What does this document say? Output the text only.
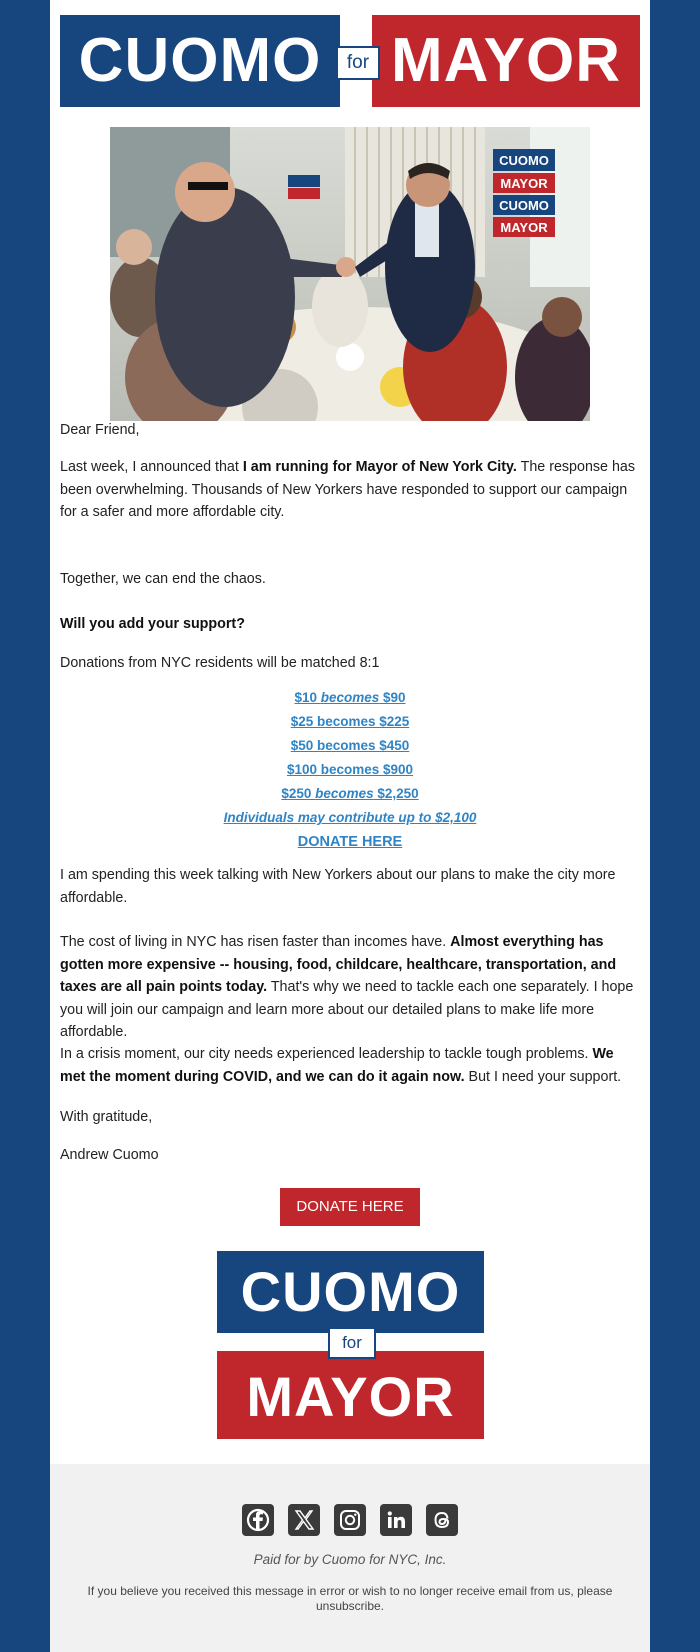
CUOMO	MAYOR
for
CUOMO
MAYOR
CUOMO
MAYOR
Dear Friend,
Last week, I announced that I am running for Mayor of New York City. The response has been overwhelming. Thousands of New Yorkers have responded to support our campaign for a safer and more affordable city.
Together, we can end the chaos.
Will you add your support?
Donations from NYC residents will be matched 8:1
$10 becomes $90
$25 becomes $225
$50 becomes $450
$100 becomes $900
$250 becomes $2,250
Individuals may contribute up to $2,100
DONATE HERE
I am spending this week talking with New Yorkers about our plans to make the city more affordable.
The cost of living in NYC has risen faster than incomes have. Almost everything has gotten more expensive -- housing, food, childcare, healthcare, transportation, and taxes are all pain points today. That's why we need to tackle each one separately. I hope you will join our campaign and learn more about our detailed plans to make life more affordable.
In a crisis moment, our city needs experienced leadership to tackle tough problems. We met the moment during COVID, and we can do it again now. But I need your support.
With gratitude,
Andrew Cuomo
DONATE HERE
CUOMO
MAYOR
for

Paid for by Cuomo for NYC, Inc.
If you believe you received this message in error or wish to no longer receive email from us, please unsubscribe.
